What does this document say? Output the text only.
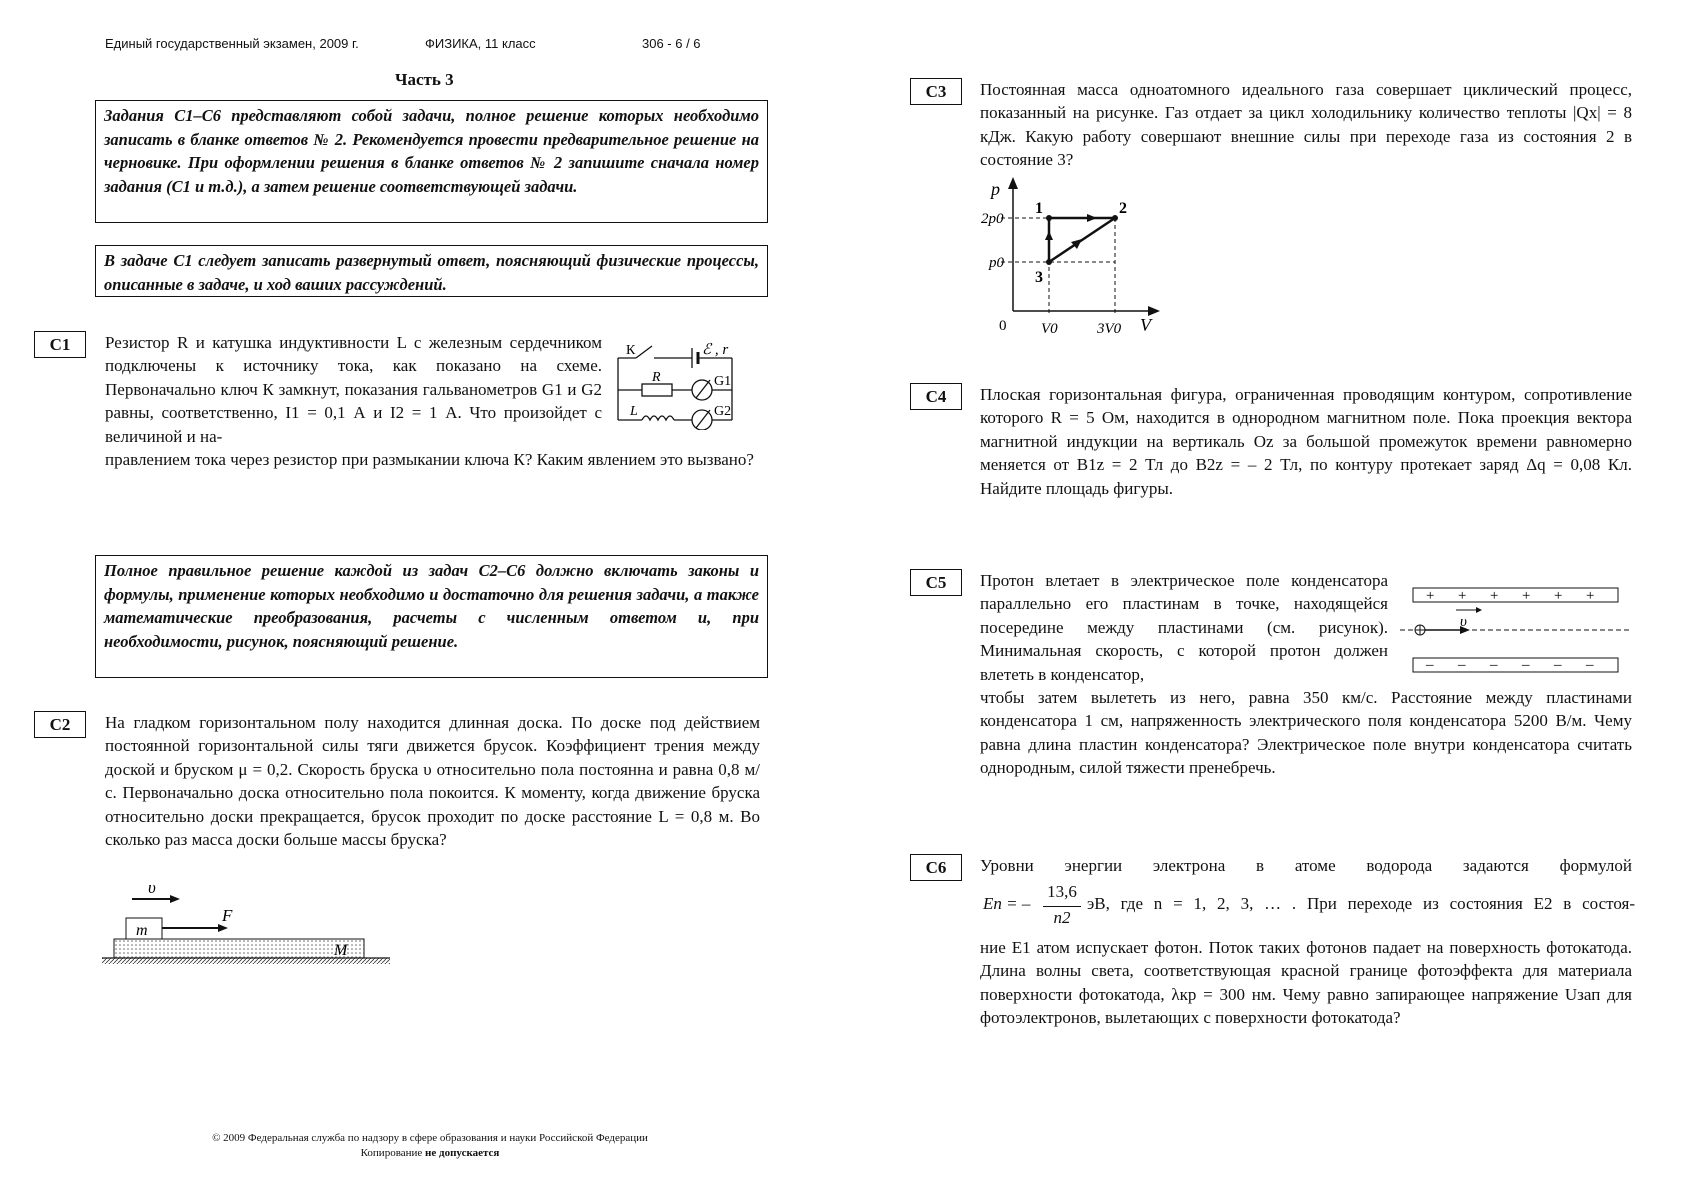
Единый государственный экзамен, 2009 г.	ФИЗИКА, 11 класс	306 - 6 / 6
Часть 3
Задания С1–С6 представляют собой задачи, полное решение которых необходимо записать в бланке ответов № 2. Рекомендуется провести предварительное решение на черновике. При оформлении решения в бланке ответов № 2 запишите сначала номер задания (С1 и т.д.), а затем решение соответствующей задачи.
В задаче С1 следует записать развернутый ответ, поясняющий физические процессы, описанные в задаче, и ход ваших рассуждений.
Полное правильное решение каждой из задач С2–С6 должно включать законы и формулы, применение которых необходимо и достаточно для решения задачи, а также математические преобразования, расчеты с численным ответом и, при необходимости, рисунок, поясняющий решение.
С1	Резистор R и катушка индуктивности L с железным сердечником подключены к источнику тока, как показано на схеме. Первоначально ключ К замкнут, показания гальванометров G1 и G2 равны, соответственно, I1 = 0,1 А и I2 = 1 А. Что произойдет с величиной и на-
правлением тока через резистор при размыкании ключа К? Каким явлением это вызвано?
К	ℰ , r
R
L
G1
G2
С2	На гладком горизонтальном полу находится длинная доска. По доске под действием постоянной горизонтальной силы тяги движется брусок. Коэффициент трения между доской и бруском μ = 0,2. Скорость бруска υ относительно пола постоянна и равна 0,8 м/с. Первоначально доска относительно пола покоится. К моменту, когда движение бруска относительно доски прекращается, брусок проходит по доске расстояние L = 0,8 м. Во сколько раз масса доски больше массы бруска?
υ
m
F
M
С3	Постоянная масса одноатомного идеального газа совершает циклический процесс, показанный на рисунке. Газ отдает за цикл холодильнику количество теплоты |Qх| = 8 кДж. Какую работу совершают внешние силы при переходе газа из состояния 2 в состояние 3?
p
V
0 V0	3V0
2p0
p0
1	2
3
С4	Плоская горизонтальная фигура, ограниченная проводящим контуром, сопротивление которого R = 5 Ом, находится в однородном магнитном поле. Пока проекция вектора магнитной индукции на вертикаль Oz за большой промежуток времени равномерно меняется от B1z = 2 Тл до B2z = – 2 Тл, по контуру протекает заряд Δq = 0,08 Кл. Найдите площадь фигуры.
С5	Протон влетает в электрическое поле конденсатора параллельно его пластинам в точке, находящейся посередине между пластинами (см. рисунок). Минимальная скорость, с которой протон должен влететь в конденсатор,
чтобы затем вылететь из него, равна 350 км/с. Расстояние между пластинами конденсатора 1 см, напряженность электрического поля конденсатора 5200 В/м. Чему равна длина пластин конденсатора? Электрическое поле внутри конденсатора считать однородным, силой тяжести пренебречь.
+ + + + + +
– – – – – –
υ
С6	Уровни энергии электрона в атоме водорода задаются формулой
En = –
13,6
n2
эВ, где n = 1, 2, 3, … . При переходе из состояния E2 в состоя-
ние E1 атом испускает фотон. Поток таких фотонов падает на поверхность фотокатода. Длина волны света, соответствующая красной границе фотоэффекта для материала поверхности фотокатода, λкр = 300 нм. Чему равно запирающее напряжение Uзап для фотоэлектронов, вылетающих с поверхности фотокатода?
© 2009 Федеральная служба по надзору в сфере образования и науки Российской Федерации
Копирование не допускается
